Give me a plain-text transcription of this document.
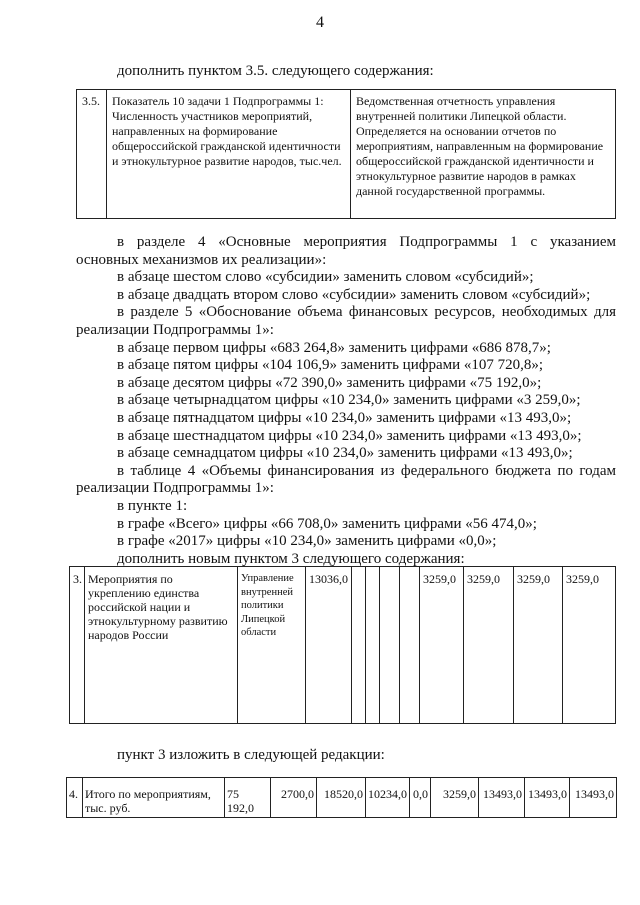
4
дополнить пунктом 3.5. следующего содержания:
3.5.	Показатель 10 задачи 1 Подпрограммы 1: Численность участников мероприятий, направленных на формирование общероссийской гражданской идентичности и этнокультурное развитие народов, тыс.чел.	Ведомственная отчетность управления внутренней политики Липецкой области. Определяется на основании отчетов по мероприятиям, направленным на формирование общероссийской гражданской идентичности и этнокультурное развитие народов в рамках данной государственной программы.

в разделе 4 «Основные мероприятия Подпрограммы 1 с указанием

основных механизмов их реализации»:

в абзаце шестом слово «субсидии» заменить словом «субсидий»;

в абзаце двадцать втором слово «субсидии» заменить словом «субсидий»;

в разделе 5 «Обоснование объема финансовых ресурсов, необходимых для

реализации Подпрограммы 1»:

в абзаце первом цифры «683 264,8» заменить цифрами «686 878,7»;

в абзаце пятом цифры «104 106,9» заменить цифрами «107 720,8»;

в абзаце десятом цифры «72 390,0» заменить цифрами «75 192,0»;

в абзаце четырнадцатом цифры «10 234,0» заменить цифрами «3 259,0»;

в абзаце пятнадцатом цифры «10 234,0» заменить цифрами «13 493,0»;

в абзаце шестнадцатом цифры «10 234,0» заменить цифрами «13 493,0»;

в абзаце семнадцатом цифры «10 234,0» заменить цифрами «13 493,0»;

в таблице 4 «Объемы финансирования из федерального бюджета по годам

реализации Подпрограммы 1»:

в пункте 1:

в графе «Всего» цифры «66 708,0» заменить цифрами «56 474,0»;

в графе «2017» цифры «10 234,0» заменить цифрами «0,0»;

дополнить новым пунктом 3 следующего содержания:

3.	Мероприятия по укреплению единства российской нации и этнокультурному развитию народов России	Управление внутренней политики Липецкой области	13036,0					3259,0	3259,0	3259,0	3259,0
пункт 3 изложить в следующей редакции:
4.	Итого по мероприятиям, тыс. руб.	75 192,0	2700,0	18520,0	10234,0	0,0	3259,0	13493,0	13493,0	13493,0
